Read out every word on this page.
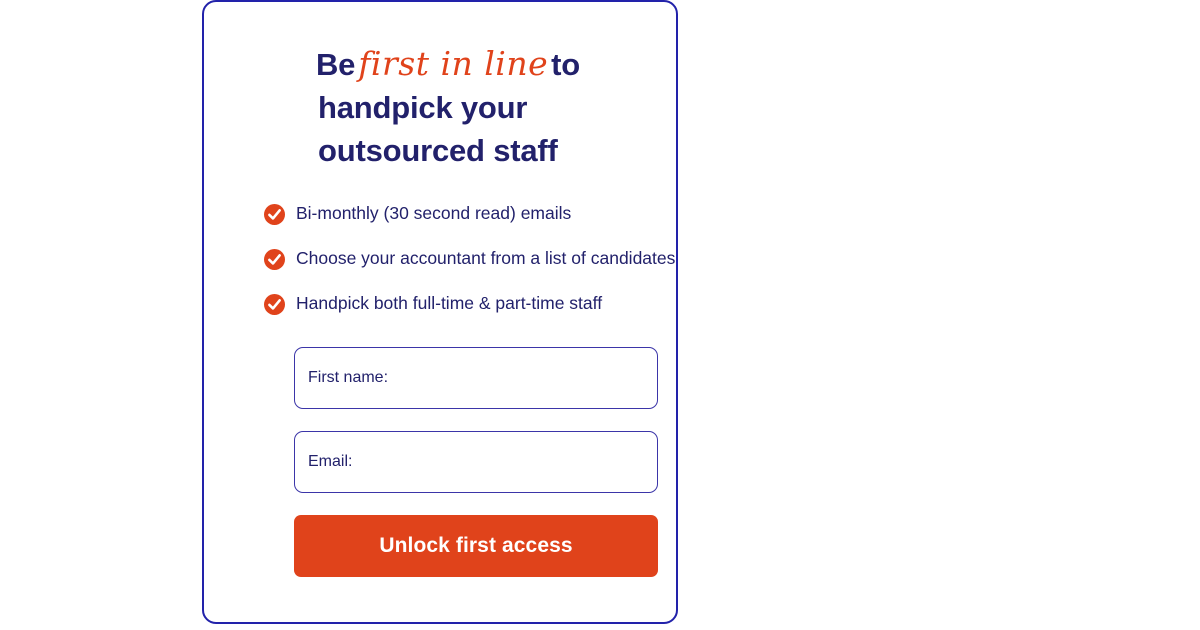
Befirst in lineto
handpick your
outsourced staff
Bi-monthly (30 second read) emails
Choose your accountant from a list of candidates
Handpick both full-time & part-time staff
First name:
Email:
Unlock first access
